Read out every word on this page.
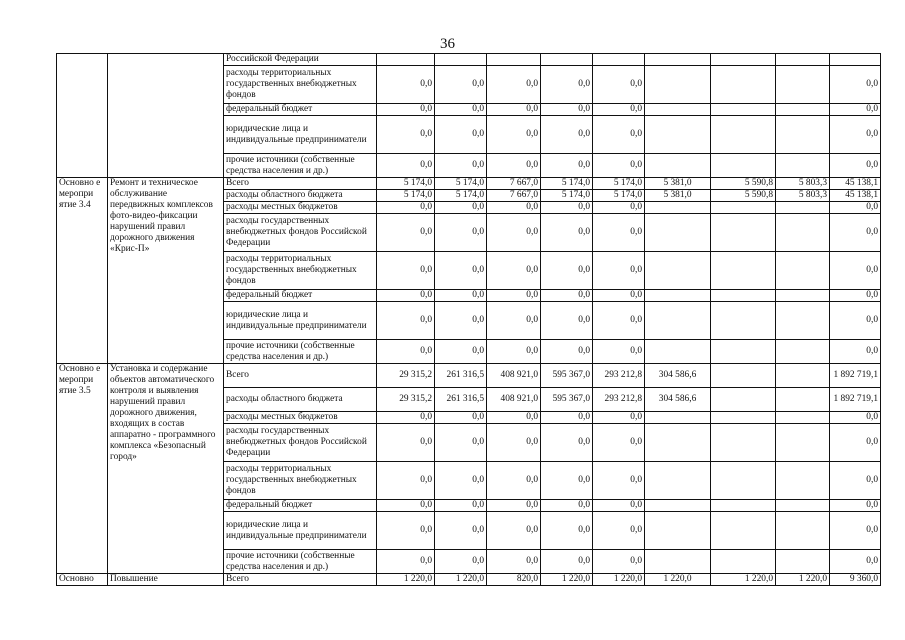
36
		Российской Федерации									
		расходы территориальных государственных внебюджетных фондов	0,0	0,0	0,0	0,0	0,0				0,0
		федеральный бюджет	0,0	0,0	0,0	0,0	0,0				0,0
		юридические лица и индивидуальные предприниматели	0,0	0,0	0,0	0,0	0,0				0,0
		прочие источники (собственные средства населения и др.)	0,0	0,0	0,0	0,0	0,0				0,0
Основно е меропри ятие 3.4	Ремонт и техническое обслуживание передвижных комплексов фото-видео-фиксации нарушений правил дорожного движения «Крис-П»	Всего	5 174,0	5 174,0	7 667,0	5 174,0	5 174,0	5 381,0	5 590,8	5 803,3	45 138,1
		расходы областного бюджета	5 174,0	5 174,0	7 667,0	5 174,0	5 174,0	5 381,0	5 590,8	5 803,3	45 138,1
		расходы местных бюджетов	0,0	0,0	0,0	0,0	0,0				0,0
		расходы государственных внебюджетных фондов Российской Федерации	0,0	0,0	0,0	0,0	0,0				0,0
		расходы территориальных государственных внебюджетных фондов	0,0	0,0	0,0	0,0	0,0				0,0
		федеральный бюджет	0,0	0,0	0,0	0,0	0,0				0,0
		юридические лица и индивидуальные предприниматели	0,0	0,0	0,0	0,0	0,0				0,0
		прочие источники (собственные средства населения и др.)	0,0	0,0	0,0	0,0	0,0				0,0
Основно е меропри ятие 3.5	Установка и содержание объектов автоматического контроля и выявления нарушений правил дорожного движения, входящих в состав аппаратно - программного комплекса «Безопасный город»	Всего	29 315,2	261 316,5	408 921,0	595 367,0	293 212,8	304 586,6			1 892 719,1
		расходы областного бюджета	29 315,2	261 316,5	408 921,0	595 367,0	293 212,8	304 586,6			1 892 719,1
		расходы местных бюджетов	0,0	0,0	0,0	0,0	0,0				0,0
		расходы государственных внебюджетных фондов Российской Федерации	0,0	0,0	0,0	0,0	0,0				0,0
		расходы территориальных государственных внебюджетных фондов	0,0	0,0	0,0	0,0	0,0				0,0
		федеральный бюджет	0,0	0,0	0,0	0,0	0,0				0,0
		юридические лица и индивидуальные предприниматели	0,0	0,0	0,0	0,0	0,0				0,0
		прочие источники (собственные средства населения и др.)	0,0	0,0	0,0	0,0	0,0				0,0
Основно	Повышение	Всего	1 220,0	1 220,0	820,0	1 220,0	1 220,0	1 220,0	1 220,0	1 220,0	9 360,0
